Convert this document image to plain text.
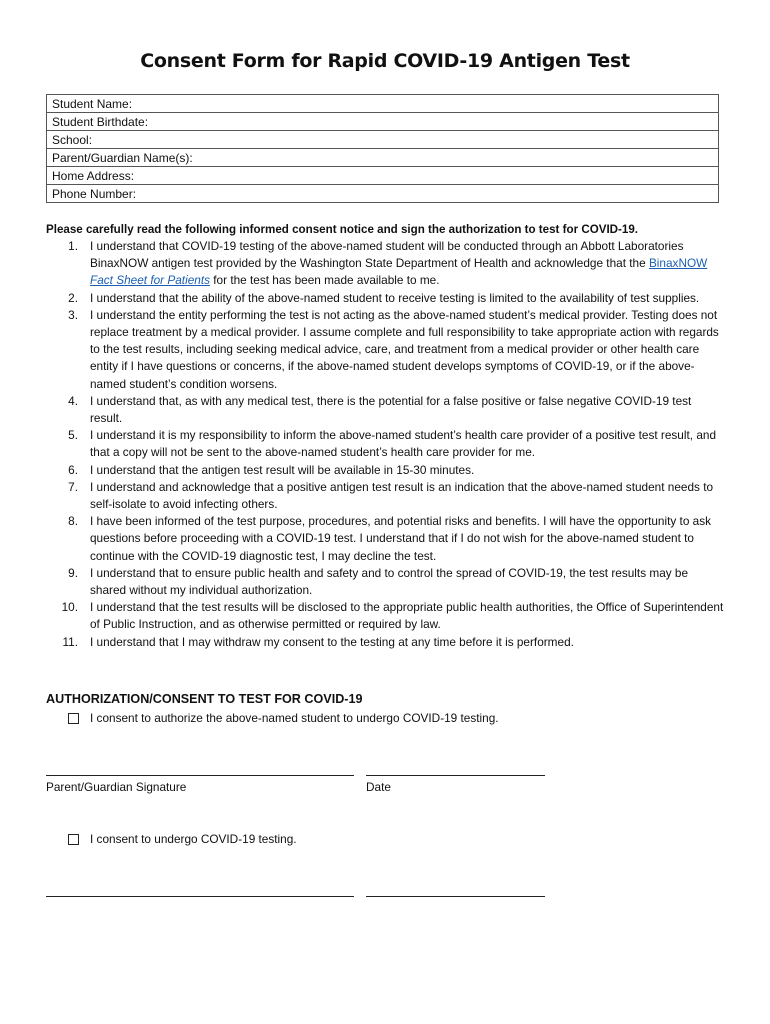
Consent Form for Rapid COVID-19 Antigen Test
Student Name:
Student Birthdate:
School:
Parent/Guardian Name(s):
Home Address:
Phone Number:
Please carefully read the following informed consent notice and sign the authorization to test for COVID-19.
1. I understand that COVID-19 testing of the above-named student will be conducted through an Abbott Laboratories BinaxNOW antigen test provided by the Washington State Department of Health and acknowledge that the BinaxNOW Fact Sheet for Patients for the test has been made available to me.
2. I understand that the ability of the above-named student to receive testing is limited to the availability of test supplies.
3. I understand the entity performing the test is not acting as the above-named student’s medical provider. Testing does not replace treatment by a medical provider. I assume complete and full responsibility to take appropriate action with regards to the test results, including seeking medical advice, care, and treatment from a medical provider or other health care entity if I have questions or concerns, if the above-named student develops symptoms of COVID-19, or if the above-named student’s condition worsens.
4. I understand that, as with any medical test, there is the potential for a false positive or false negative COVID-19 test result.
5. I understand it is my responsibility to inform the above-named student’s health care provider of a positive test result, and that a copy will not be sent to the above-named student’s health care provider for me.
6. I understand that the antigen test result will be available in 15-30 minutes.
7. I understand and acknowledge that a positive antigen test result is an indication that the above-named student needs to self-isolate to avoid infecting others.
8. I have been informed of the test purpose, procedures, and potential risks and benefits. I will have the opportunity to ask questions before proceeding with a COVID-19 test. I understand that if I do not wish for the above-named student to continue with the COVID-19 diagnostic test, I may decline the test.
9. I understand that to ensure public health and safety and to control the spread of COVID-19, the test results may be shared without my individual authorization.
10. I understand that the test results will be disclosed to the appropriate public health authorities, the Office of Superintendent of Public Instruction, and as otherwise permitted or required by law.
11. I understand that I may withdraw my consent to the testing at any time before it is performed.
AUTHORIZATION/CONSENT TO TEST FOR COVID-19
I consent to authorize the above-named student to undergo COVID-19 testing.
Parent/Guardian Signature	Date
I consent to undergo COVID-19 testing.
